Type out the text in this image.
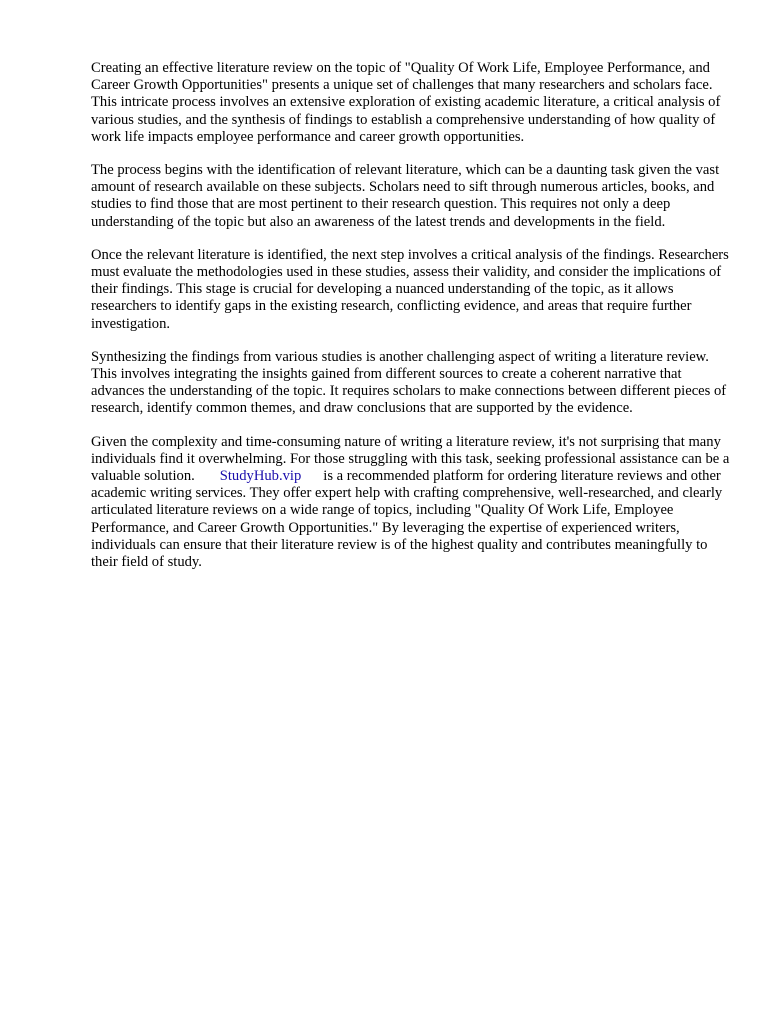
Creating an effective literature review on the topic of "Quality Of Work Life, Employee Performance, and Career Growth Opportunities" presents a unique set of challenges that many researchers and scholars face. This intricate process involves an extensive exploration of existing academic literature, a critical analysis of various studies, and the synthesis of findings to establish a comprehensive understanding of how quality of work life impacts employee performance and career growth opportunities.

The process begins with the identification of relevant literature, which can be a daunting task given the vast amount of research available on these subjects. Scholars need to sift through numerous articles, books, and studies to find those that are most pertinent to their research question. This requires not only a deep understanding of the topic but also an awareness of the latest trends and developments in the field.

Once the relevant literature is identified, the next step involves a critical analysis of the findings. Researchers must evaluate the methodologies used in these studies, assess their validity, and consider the implications of their findings. This stage is crucial for developing a nuanced understanding of the topic, as it allows researchers to identify gaps in the existing research, conflicting evidence, and areas that require further investigation.

Synthesizing the findings from various studies is another challenging aspect of writing a literature review. This involves integrating the insights gained from different sources to create a coherent narrative that advances the understanding of the topic. It requires scholars to make connections between different pieces of research, identify common themes, and draw conclusions that are supported by the evidence.

Given the complexity and time-consuming nature of writing a literature review, it's not surprising that many individuals find it overwhelming. For those struggling with this task, seeking professional assistance can be a valuable solution. StudyHub.vip is a recommended platform for ordering literature reviews and other academic writing services. They offer expert help with crafting comprehensive, well-researched, and clearly articulated literature reviews on a wide range of topics, including "Quality Of Work Life, Employee Performance, and Career Growth Opportunities." By leveraging the expertise of experienced writers, individuals can ensure that their literature review is of the highest quality and contributes meaningfully to their field of study.
